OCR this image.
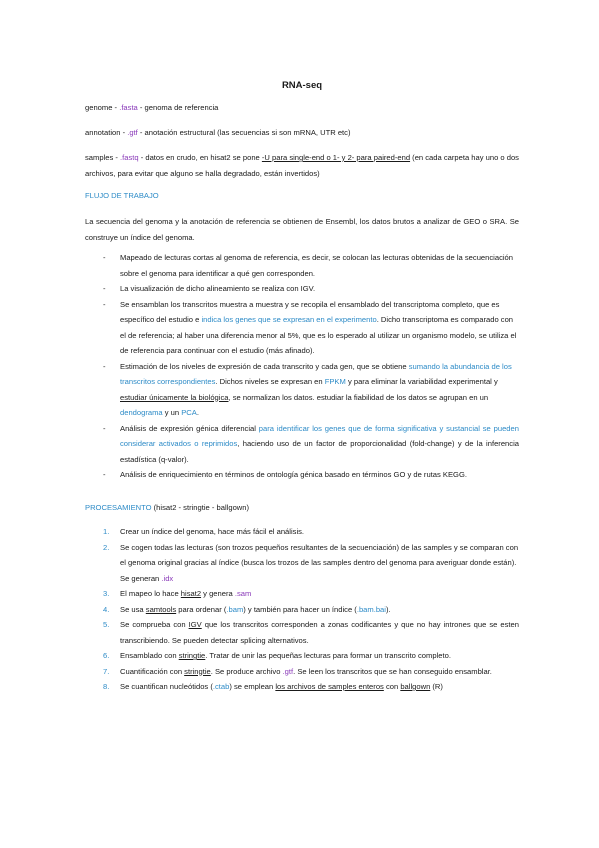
RNA-seq
genome - .fasta - genoma de referencia
annotation - .gtf - anotación estructural (las secuencias si son mRNA, UTR etc)
samples - .fastq - datos en crudo, en hisat2 se pone -U para single-end o 1- y 2- para paired-end (en cada carpeta hay uno o dos archivos, para evitar que alguno se halla degradado, están invertidos)
FLUJO DE TRABAJO
La secuencia del genoma y la anotación de referencia se obtienen de Ensembl, los datos brutos a analizar de GEO o SRA. Se construye un índice del genoma.
- Mapeado de lecturas cortas al genoma de referencia, es decir, se colocan las lecturas obtenidas de la secuenciación sobre el genoma para identificar a qué gen corresponden.
- La visualización de dicho alineamiento se realiza con IGV.
- Se ensamblan los transcritos muestra a muestra y se recopila el ensamblado del transcriptoma completo, que es específico del estudio e indica los genes que se expresan en el experimento. Dicho transcriptoma es comparado con el de referencia; al haber una diferencia menor al 5%, que es lo esperado al utilizar un organismo modelo, se utiliza el de referencia para continuar con el estudio (más afinado).
- Estimación de los niveles de expresión de cada transcrito y cada gen, que se obtiene sumando la abundancia de los transcritos correspondientes. Dichos niveles se expresan en FPKM y para eliminar la variabilidad experimental y estudiar únicamente la biológica, se normalizan los datos. estudiar la fiabilidad de los datos se agrupan en un dendograma y un PCA.
- Análisis de expresión génica diferencial para identificar los genes que de forma significativa y sustancial se pueden considerar activados o reprimidos, haciendo uso de un factor de proporcionalidad (fold-change) y de la inferencia estadística (q-valor).
- Análisis de enriquecimiento en términos de ontología génica basado en términos GO y de rutas KEGG.
PROCESAMIENTO (hisat2 - stringtie - ballgown)
1. Crear un índice del genoma, hace más fácil el análisis.
2. Se cogen todas las lecturas (son trozos pequeños resultantes de la secuenciación) de las samples y se comparan con el genoma original gracias al índice (busca los trozos de las samples dentro del genoma para averiguar donde están). Se generan .idx
3. El mapeo lo hace hisat2 y genera .sam
4. Se usa samtools para ordenar (.bam) y también para hacer un índice (.bam.bai).
5. Se comprueba con IGV que los transcritos corresponden a zonas codificantes y que no hay intrones que se esten transcribiendo. Se pueden detectar splicing alternativos.
6. Ensamblado con stringtie. Tratar de unir las pequeñas lecturas para formar un transcrito completo.
7. Cuantificación con stringtie. Se produce archivo .gtf. Se leen los transcritos que se han conseguido ensamblar.
8. Se cuantifican nucleótidos (.ctab) se emplean los archivos de samples enteros con ballgown (R)
